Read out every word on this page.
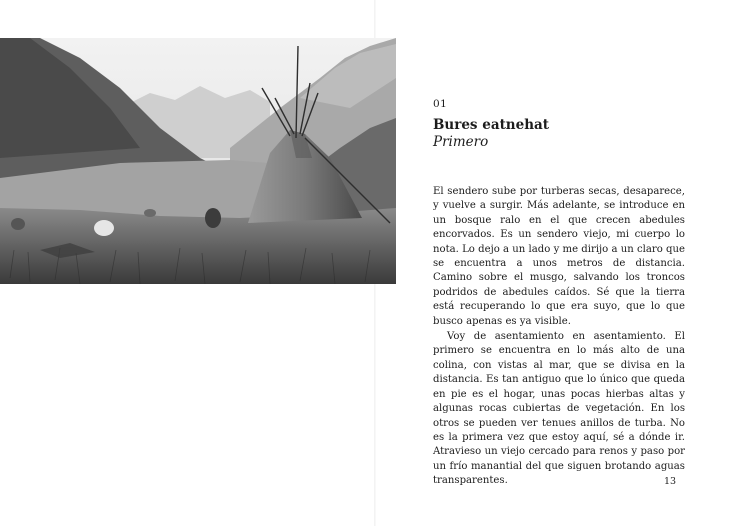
01
Bures eatnehat
Primero

El sendero sube por turberas secas, desaparece, y vuelve a surgir. Más adelante, se introduce en un bosque ralo en el que crecen abedules encorvados. Es un sendero viejo, mi cuerpo lo nota. Lo dejo a un lado y me dirijo a un claro que se encuentra a unos metros de distancia. Camino sobre el musgo, salvando los troncos podridos de abedules caídos. Sé que la tierra está recuperando lo que era suyo, que lo que busco apenas es ya visible.

Voy de asentamiento en asentamiento. El primero se encuentra en lo más alto de una colina, con vistas al mar, que se divisa en la distancia. Es tan antiguo que lo único que queda en pie es el hogar, unas pocas hierbas altas y algunas rocas cubiertas de vegetación. En los otros se pueden ver tenues anillos de turba. No es la primera vez que estoy aquí, sé a dónde ir. Atravieso un viejo cercado para renos y paso por un frío manantial del que siguen brotando aguas transparentes.	13
